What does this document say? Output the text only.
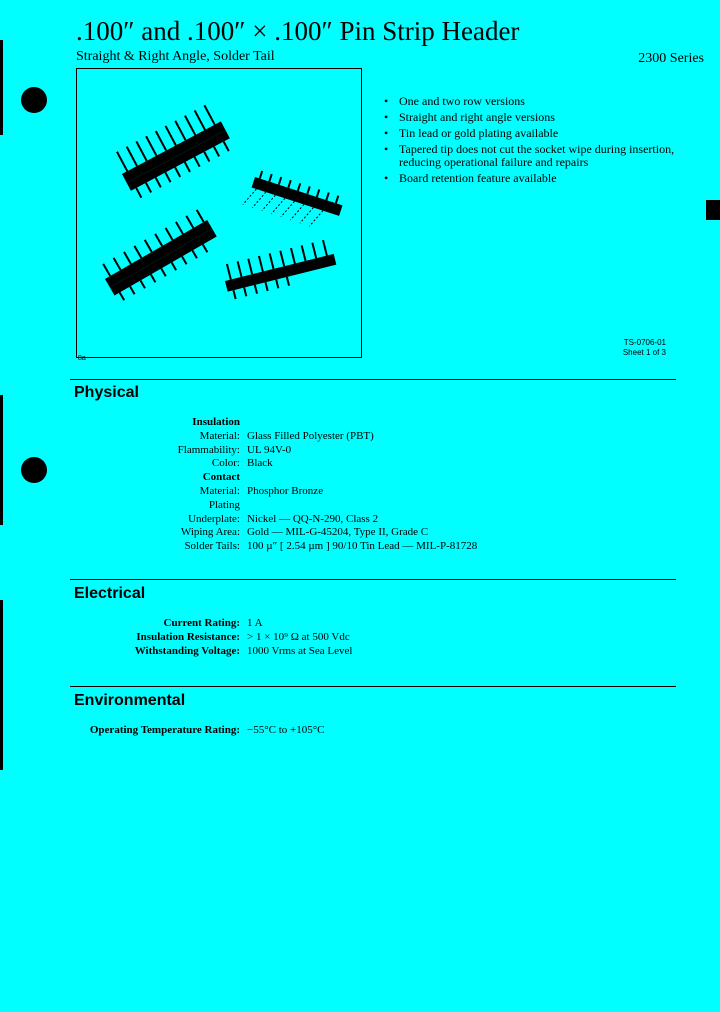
.100″ and .100″ × .100″ Pin Strip Header
Straight & Right Angle, Solder Tail	2300 Series
8a
• One and two row versions
• Straight and right angle versions
• Tin lead or gold plating available
• Tapered tip does not cut the socket wipe during insertion, reducing operational failure and repairs
• Board retention feature available
TS-0706-01
Sheet 1 of 3
Physical
Insulation
Material: Glass Filled Polyester (PBT)
Flammability: UL 94V-0
Color: Black
Contact
Material: Phosphor Bronze
Plating
Underplate: Nickel — QQ-N-290, Class 2
Wiping Area: Gold — MIL-G-45204, Type II, Grade C
Solder Tails: 100 µ″ [ 2.54 µm ] 90/10 Tin Lead — MIL-P-81728
Electrical
Current Rating: 1 A
Insulation Resistance: > 1 × 10⁹ Ω at 500 Vdc
Withstanding Voltage: 1000 Vrms at Sea Level
Environmental
Operating Temperature Rating: −55°C to +105°C
